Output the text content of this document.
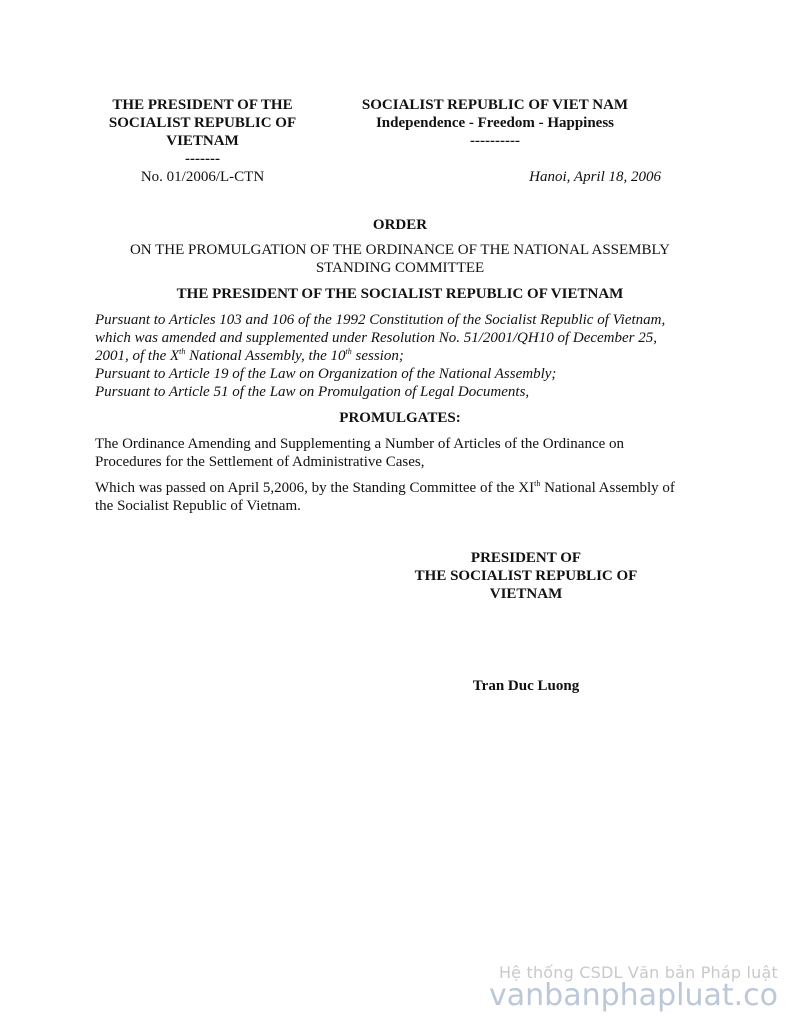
THE PRESIDENT OF THE
SOCIALIST REPUBLIC OF
VIETNAM
-------
No. 01/2006/L-CTN
SOCIALIST REPUBLIC OF VIET NAM
Independence - Freedom - Happiness
----------
Hanoi, April 18, 2006
ORDER
ON THE PROMULGATION OF THE ORDINANCE OF THE NATIONAL ASSEMBLY
STANDING COMMITTEE
THE PRESIDENT OF THE SOCIALIST REPUBLIC OF VIETNAM
Pursuant to Articles 103 and 106 of the 1992 Constitution of the Socialist Republic of Vietnam,
which was amended and supplemented under Resolution No. 51/2001/QH10 of December 25,
2001, of the Xth National Assembly, the 10th session;
Pursuant to Article 19 of the Law on Organization of the National Assembly;
Pursuant to Article 51 of the Law on Promulgation of Legal Documents,
PROMULGATES:
The Ordinance Amending and Supplementing a Number of Articles of the Ordinance on
Procedures for the Settlement of Administrative Cases,
Which was passed on April 5,2006, by the Standing Committee of the XIth National Assembly of
the Socialist Republic of Vietnam.
PRESIDENT OF
THE SOCIALIST REPUBLIC OF
VIETNAM
Tran Duc Luong
Hệ thống CSDL Văn bản Pháp luật
vanbanphapluat.co
